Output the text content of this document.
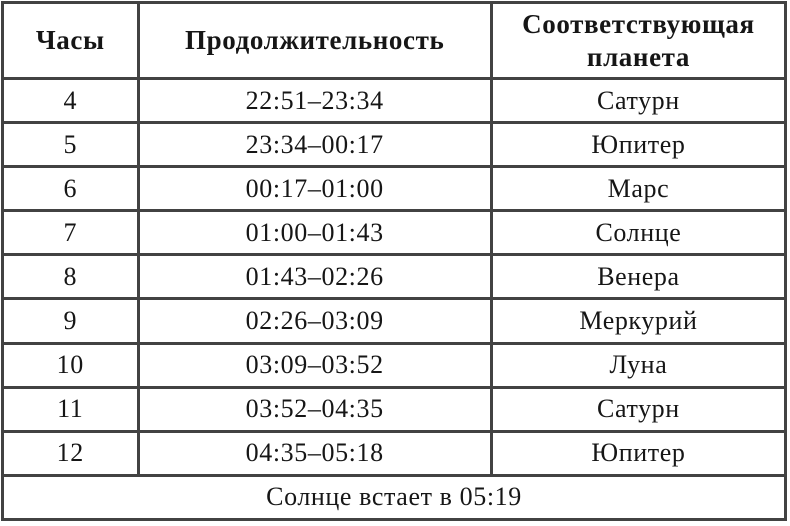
Часы	Продолжительность	Соответствующая планета
4	22:51–23:34	Сатурн
5	23:34–00:17	Юпитер
6	00:17–01:00	Марс
7	01:00–01:43	Солнце
8	01:43–02:26	Венера
9	02:26–03:09	Меркурий
10	03:09–03:52	Луна
11	03:52–04:35	Сатурн
12	04:35–05:18	Юпитер
Солнце встает в 05:19		
